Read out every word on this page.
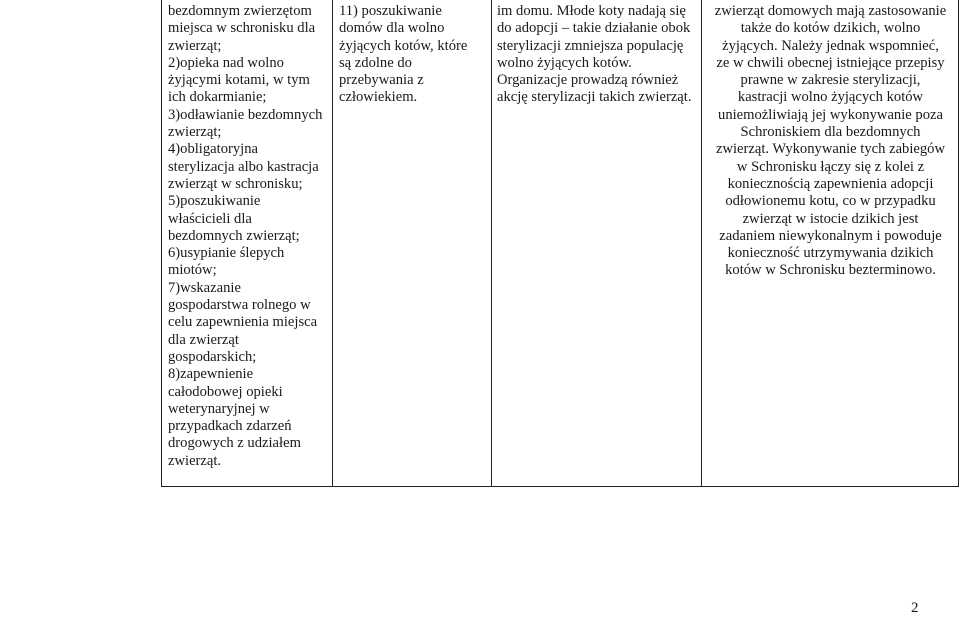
bezdomnym zwierzętom
miejsca w schronisku dla
zwierząt;
2)opieka nad wolno
żyjącymi kotami, w tym
ich dokarmianie;
3)odławianie bezdomnych
zwierząt;
4)obligatoryjna
sterylizacja albo kastracja
zwierząt w schronisku;
5)poszukiwanie
właścicieli dla
bezdomnych zwierząt;
6)usypianie ślepych
miotów;
7)wskazanie
gospodarstwa rolnego w
celu zapewnienia miejsca
dla zwierząt
gospodarskich;
8)zapewnienie
całodobowej opieki
weterynaryjnej w
przypadkach zdarzeń
drogowych z udziałem
zwierząt.

11) poszukiwanie
domów dla wolno
żyjących kotów, które
są zdolne do
przebywania z
człowiekiem.

im domu. Młode koty nadają się
do adopcji – takie działanie obok
sterylizacji zmniejsza populację
wolno żyjących kotów.
Organizacje prowadzą również
akcję sterylizacji takich zwierząt.

zwierząt domowych mają zastosowanie
także do kotów dzikich, wolno
żyjących. Należy jednak wspomnieć,
ze w chwili obecnej istniejące przepisy
prawne w zakresie sterylizacji,
kastracji wolno żyjących kotów
uniemożliwiają jej wykonywanie poza
Schroniskiem dla bezdomnych
zwierząt. Wykonywanie tych zabiegów
w Schronisku łączy się z kolei z
koniecznością zapewnienia adopcji
odłowionemu kotu, co w przypadku
zwierząt w istocie dzikich jest
zadaniem niewykonalnym i powoduje
konieczność utrzymywania dzikich
kotów w Schronisku bezterminowo.

2
